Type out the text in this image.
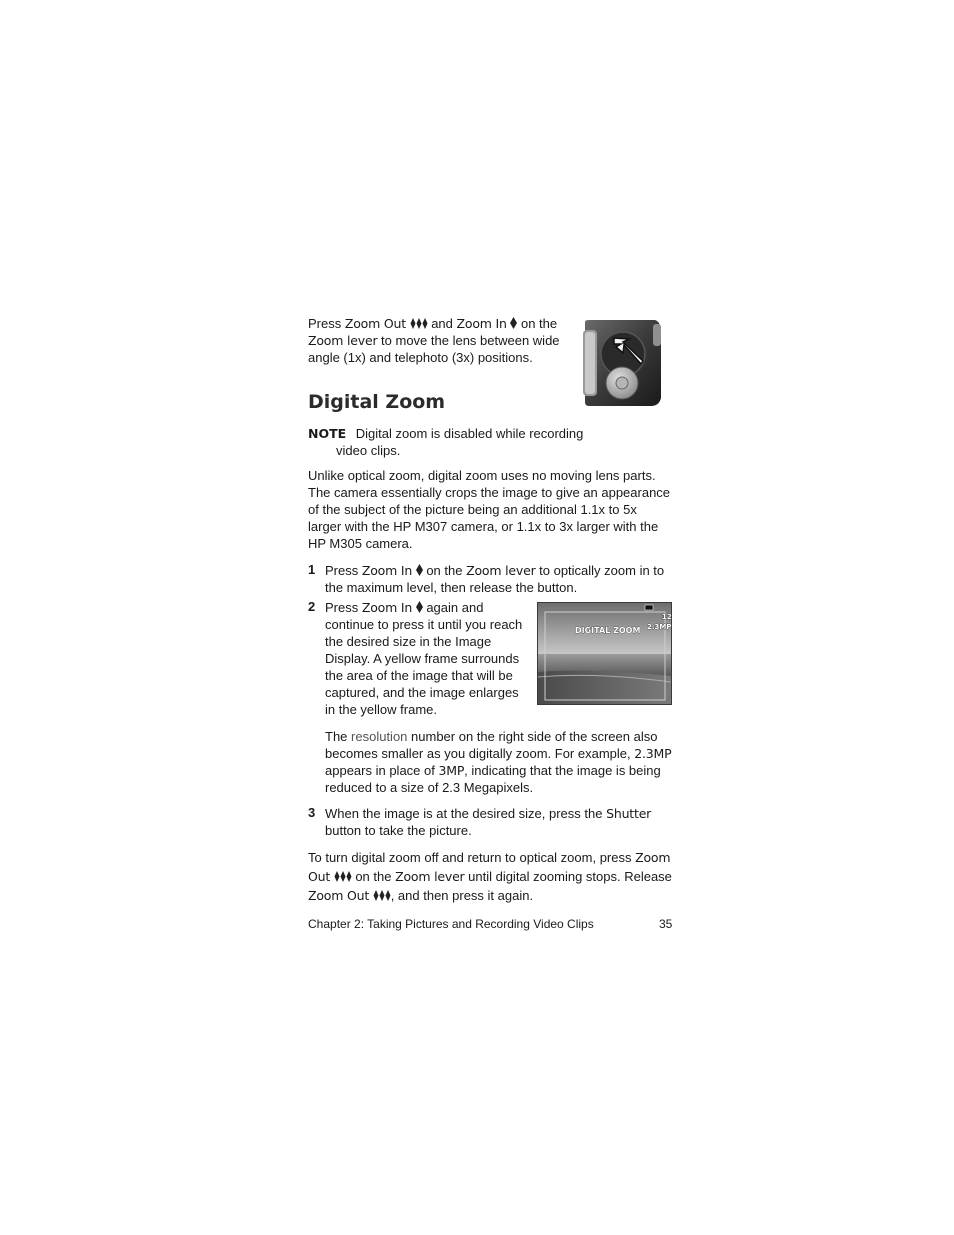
Press Zoom Out and Zoom In on the
Zoom lever to move the lens between wide
angle (1x) and telephoto (3x) positions.
Digital Zoom
NOTE Digital zoom is disabled while recording
video clips.
Unlike optical zoom, digital zoom uses no moving lens parts.
The camera essentially crops the image to give an appearance
of the subject of the picture being an additional 1.1x to 5x
larger with the HP M307 camera, or 1.1x to 3x larger with the
HP M305 camera.
1 Press Zoom In on the Zoom lever to optically zoom in to
the maximum level, then release the button.
2 Press Zoom In again and
continue to press it until you reach
the desired size in the Image
Display. A yellow frame surrounds
the area of the image that will be
captured, and the image enlarges
in the yellow frame.
DIGITAL ZOOM
12
2.3MP
The resolution number on the right side of the screen also
becomes smaller as you digitally zoom. For example, 2.3MP
appears in place of 3MP, indicating that the image is being
reduced to a size of 2.3 Megapixels.
3 When the image is at the desired size, press the Shutter
button to take the picture.
To turn digital zoom off and return to optical zoom, press Zoom
Out on the Zoom lever until digital zooming stops. Release
Zoom Out , and then press it again.
Chapter 2: Taking Pictures and Recording Video Clips	35
